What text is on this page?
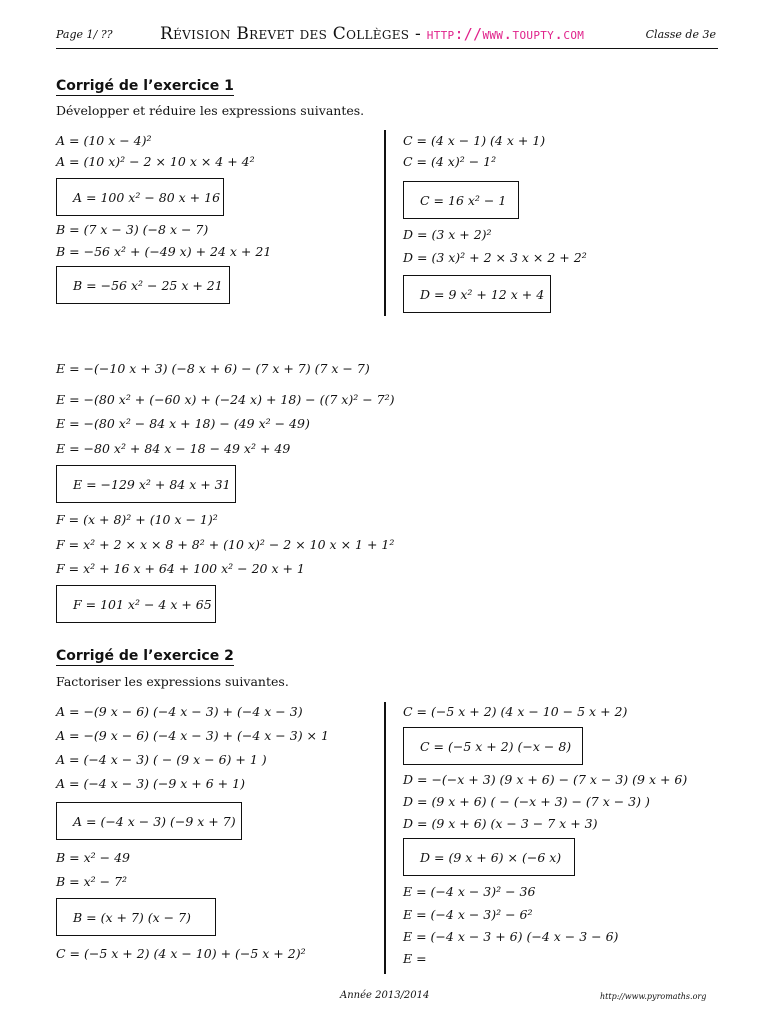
Page 1/ ??	Révision Brevet des Collèges - http://www.toupty.com	Classe de 3e
Corrigé de l’exercice 1
Développer et réduire les expressions suivantes.
A = (10 x − 4)²
A = (10 x)² − 2 × 10 x × 4 + 4²
A = 100 x² − 80 x + 16
B = (7 x − 3) (−8 x − 7)
B = −56 x² + (−49 x) + 24 x + 21
B = −56 x² − 25 x + 21
C = (4 x − 1) (4 x + 1)
C = (4 x)² − 1²
C = 16 x² − 1
D = (3 x + 2)²
D = (3 x)² + 2 × 3 x × 2 + 2²
D = 9 x² + 12 x + 4
E = −(−10 x + 3) (−8 x + 6) − (7 x + 7) (7 x − 7)
E = −(80 x² + (−60 x) + (−24 x) + 18) − ((7 x)² − 7²)
E = −(80 x² − 84 x + 18) − (49 x² − 49)
E = −80 x² + 84 x − 18 − 49 x² + 49
E = −129 x² + 84 x + 31
F = (x + 8)² + (10 x − 1)²
F = x² + 2 × x × 8 + 8² + (10 x)² − 2 × 10 x × 1 + 1²
F = x² + 16 x + 64 + 100 x² − 20 x + 1
F = 101 x² − 4 x + 65
Corrigé de l’exercice 2
Factoriser les expressions suivantes.
A = −(9 x − 6) (−4 x − 3) + (−4 x − 3)
A = −(9 x − 6) (−4 x − 3) + (−4 x − 3) × 1
A = (−4 x − 3) ( − (9 x − 6) + 1 )
A = (−4 x − 3) (−9 x + 6 + 1)
A = (−4 x − 3) (−9 x + 7)
B = x² − 49
B = x² − 7²
B = (x + 7) (x − 7)
C = (−5 x + 2) (4 x − 10) + (−5 x + 2)²
C = (−5 x + 2) (4 x − 10 − 5 x + 2)
C = (−5 x + 2) (−x − 8)
D = −(−x + 3) (9 x + 6) − (7 x − 3) (9 x + 6)
D = (9 x + 6) ( − (−x + 3) − (7 x − 3) )
D = (9 x + 6) (x − 3 − 7 x + 3)
D = (9 x + 6) × (−6 x)
E = (−4 x − 3)² − 36
E = (−4 x − 3)² − 6²
E = (−4 x − 3 + 6) (−4 x − 3 − 6)
E =
Année 2013/2014	http://www.pyromaths.org
